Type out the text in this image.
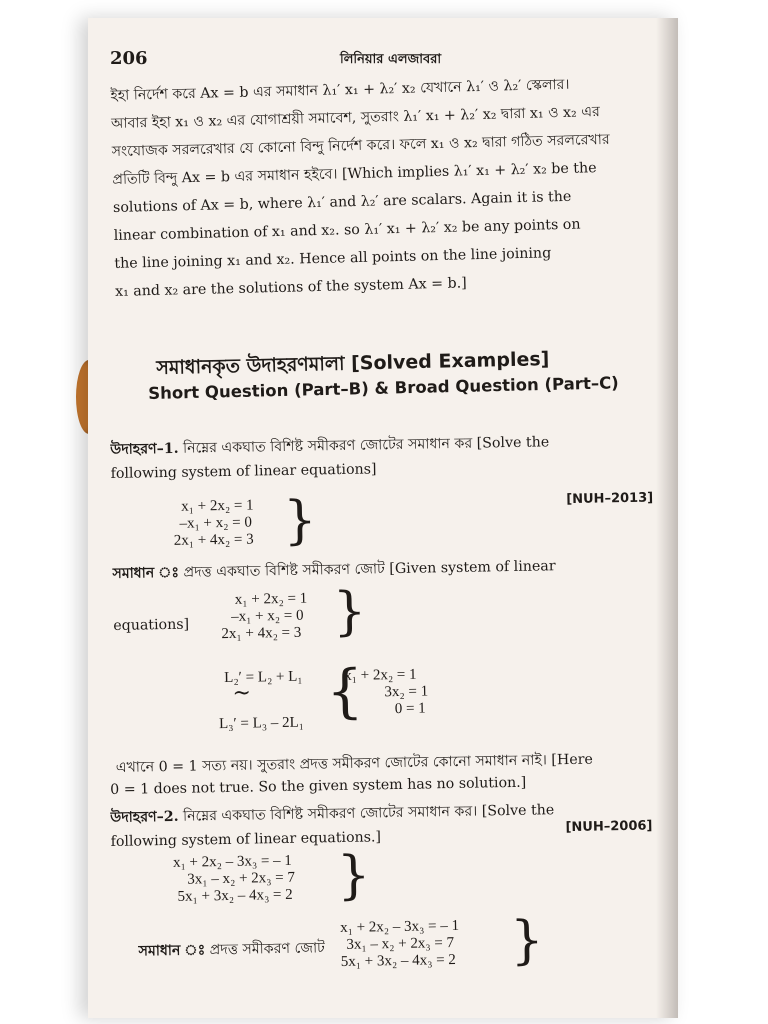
206	লিনিয়ার এলজাবরা
ইহা নির্দেশ করে Ax = b এর সমাধান λ₁′ x₁ + λ₂′ x₂ যেখানে λ₁′ ও λ₂′ স্কেলার।
আবার ইহা x₁ ও x₂ এর যোগাশ্রয়ী সমাবেশ, সুতরাং λ₁′ x₁ + λ₂′ x₂ দ্বারা x₁ ও x₂ এর
সংযোজক সরলরেখার যে কোনো বিন্দু নির্দেশ করে। ফলে x₁ ও x₂ দ্বারা গঠিত সরলরেখার
প্রতিটি বিন্দু Ax = b এর সমাধান হইবে। [Which implies λ₁′ x₁ + λ₂′ x₂ be the
solutions of Ax = b, where λ₁′ and λ₂′ are scalars. Again it is the
linear combination of x₁ and x₂. so λ₁′ x₁ + λ₂′ x₂ be any points on
the line joining x₁ and x₂. Hence all points on the line joining
x₁ and x₂ are the solutions of the system Ax = b.]
সমাধানকৃত উদাহরণমালা [Solved Examples]
Short Question (Part–B) & Broad Question (Part–C)
উদাহরণ–1. নিম্নের একঘাত বিশিষ্ট সমীকরণ জোটের সমাধান কর [Solve the
following system of linear equations]
[NUH–2013]
x₁ + 2x₂ = 1
–x₁ + x₂ = 0
2x₁ + 4x₂ = 3 }
সমাধান ঃ প্রদত্ত একঘাত বিশিষ্ট সমীকরণ জোট [Given system of linear
equations]
x₁ + 2x₂ = 1
–x₁ + x₂ = 0
2x₁ + 4x₂ = 3 }
L₂′ = L₂ + L₁
∼
L₃′ = L₃ – 2L₁ {
x₁ + 2x₂ = 1
3x₂ = 1
0 = 1
এখানে 0 = 1 সত্য নয়। সুতরাং প্রদত্ত সমীকরণ জোটের কোনো সমাধান নাই। [Here
0 = 1 does not true. So the given system has no solution.]
উদাহরণ–2. নিম্নের একঘাত বিশিষ্ট সমীকরণ জোটের সমাধান কর। [Solve the
following system of linear equations.]
[NUH–2006]
x₁ + 2x₂ – 3x₃ = – 1
3x₁ – x₂ + 2x₃ = 7
5x₁ + 3x₂ – 4x₃ = 2 }
সমাধান ঃ প্রদত্ত সমীকরণ জোট
x₁ + 2x₂ – 3x₃ = – 1
3x₁ – x₂ + 2x₃ = 7
5x₁ + 3x₂ – 4x₃ = 2 }
